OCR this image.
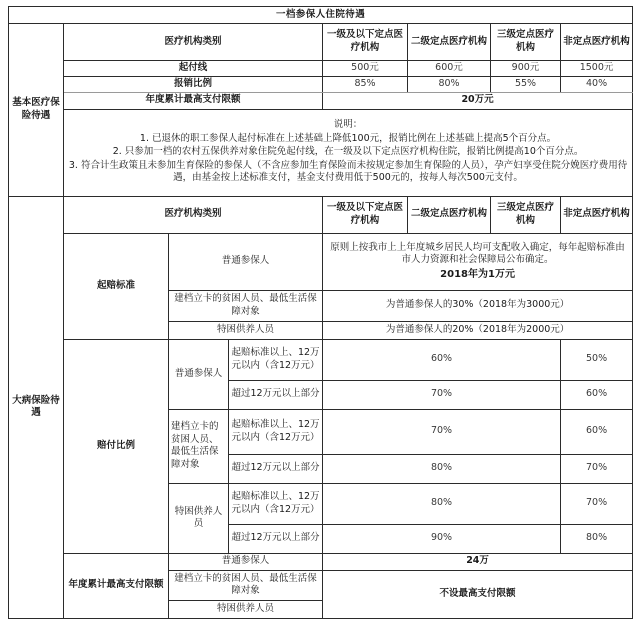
一档参保人住院待遇							
基本医疗保险待遇	医疗机构类别			一级及以下定点医疗机构	二级定点医疗机构	三级定点医疗机构	非定点医疗机构
	起付线			500元	600元	900元	1500元
	报销比例			85%	80%	55%	40%
	年度累计最高支付限额			20万元			

	说明：

1. 已退休的职工参保人起付标准在上述基础上降低100元，报销比例在上述基础上提高5个百分点。

2. 只参加一档的农村五保供养对象住院免起付线，在一级及以下定点医疗机构住院，报销比例提高10个百分点。

3. 符合计生政策且未参加生育保险的参保人（不含应参加生育保险而未按规定参加生育保险的人员），孕产妇享受住院分娩医疗费用待遇，由基金按上述标准支付，基金支付费用低于500元的，按每人每次500元支付。						

大病保险待遇	医疗机构类别			一级及以下定点医疗机构	二级定点医疗机构	三级定点医疗机构	非定点医疗机构
	起赔标准	普通参保人		原则上按我市上上年度城乡居民人均可支配收入确定，每年起赔标准由市人力资源和社会保障局公布确定。
2018年为1万元			

		建档立卡的贫困人员、最低生活保障对象		为普通参保人的30%（2018年为3000元）			
		特困供养人员		为普通参保人的20%（2018年为2000元）			
	赔付比例	普通参保人	起赔标准以上、12万元以内（含12万元）	60%			50%
			超过12万元以上部分	70%			60%
		建档立卡的贫困人员、最低生活保障对象	起赔标准以上、12万元以内（含12万元）	70%			60%
			超过12万元以上部分	80%			70%
		特困供养人员	起赔标准以上、12万元以内（含12万元）	80%			70%
			超过12万元以上部分	90%			80%
	年度累计最高支付限额	普通参保人		24万			
		建档立卡的贫困人员、最低生活保障对象		不设最高支付限额			
		特困供养人员					
